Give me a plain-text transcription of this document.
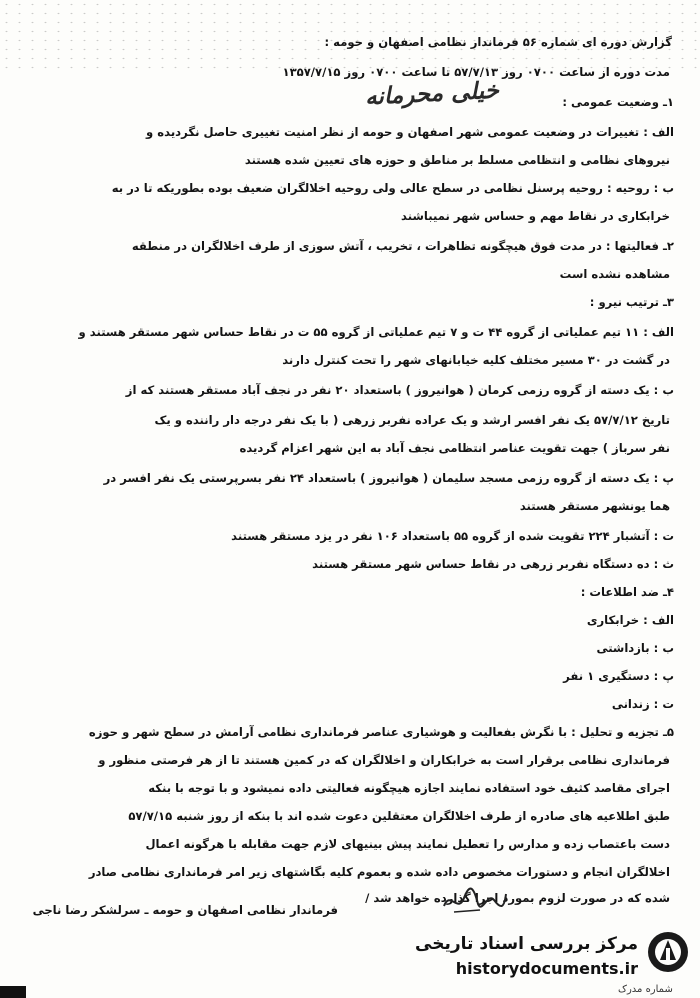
گزارش دوره ای شماره ۵۶ فرماندار نظامی اصفهان و حومه :
مدت دوره از ساعت ۰۷۰۰ روز ۵۷/۷/۱۳ تا ساعت ۰۷۰۰ روز ۱۳۵۷/۷/۱۵
۱ـ وضعیت عمومی :
الف : تغییرات در وضعیت عمومی شهر اصفهان و حومه از نظر امنیت تغییری حاصل نگردیده و
نیروهای نظامی و انتظامی مسلط بر مناطق و حوزه های تعیین شده هستند
ب : روحیه : روحیه پرسنل نظامی در سطح عالی ولی روحیه اخلالگران ضعیف بوده بطوریکه تا در به
خرابکاری در نقاط مهم و حساس شهر نمیباشند
۲ـ فعالیتها : در مدت فوق هیچگونه تظاهرات ، تخریب ، آتش سوزی از طرف اخلالگران در منطقه
مشاهده نشده است
۳ـ ترتیب نیرو :
الف : ۱۱ تیم عملیاتی از گروه ۴۴ ت و ۷ تیم عملیاتی از گروه ۵۵ ت در نقاط حساس شهر مستقر هستند و
در گشت در ۳۰ مسیر مختلف کلیه خیابانهای شهر را تحت کنترل دارند
ب : یک دسته از گروه رزمی کرمان ( هوانیروز ) باستعداد ۲۰ نفر در نجف آباد مستقر هستند که از
تاریخ ۵۷/۷/۱۲ یک نفر افسر ارشد و یک عراده نفربر زرهی ( با یک نفر درجه دار راننده و یک
نفر سرباز ) جهت تقویت عناصر انتظامی نجف آباد به این شهر اعزام گردیده
پ : یک دسته از گروه رزمی مسجد سلیمان ( هوانیروز ) باستعداد ۲۴ نفر بسرپرستی یک نفر افسر در
هما یونشهر مستقر هستند
ت : آتشبار ۲۲۴ تقویت شده از گروه ۵۵ باستعداد ۱۰۶ نفر در یزد مستقر هستند
ث : ده دستگاه نفربر زرهی در نقاط حساس شهر مستقر هستند
۴ـ ضد اطلاعات :
الف : خرابکاری
ب : بازداشتی
پ : دستگیری ۱ نفر
ت : زندانی
۵ـ تجزیه و تحلیل : با نگرش بفعالیت و هوشیاری عناصر فرمانداری نظامی آرامش در سطح شهر و حوزه
فرمانداری نظامی برقرار است به خرابکاران و اخلالگران که در کمین هستند تا از هر فرصتی منظور و
اجرای مقاصد کثیف خود استفاده نمایند اجازه هیچگونه فعالیتی داده نمیشود و با توجه با بنکه
طبق اطلاعیه های صادره از طرف اخلالگران معتقلین دعوت شده اند با بنکه از روز شنبه ۵۷/۷/۱۵
دست باعتصاب زده و مدارس را تعطیل نمایند پیش بینیهای لازم جهت مقابله با هرگونه اعمال
اخلالگران انجام و دستورات مخصوص داده شده و بعموم کلیه بگاشتهای زیر امر فرمانداری نظامی صادر
شده که در صورت لزوم بمورد اجرا گذارده خواهد شد /
فرماندار نظامی اصفهان و حومه ـ سرلشکر رضا ناجی
خیلی محرمانه
مرکز بررسی اسناد تاریخی
historydocuments.ir
شماره مدرک
